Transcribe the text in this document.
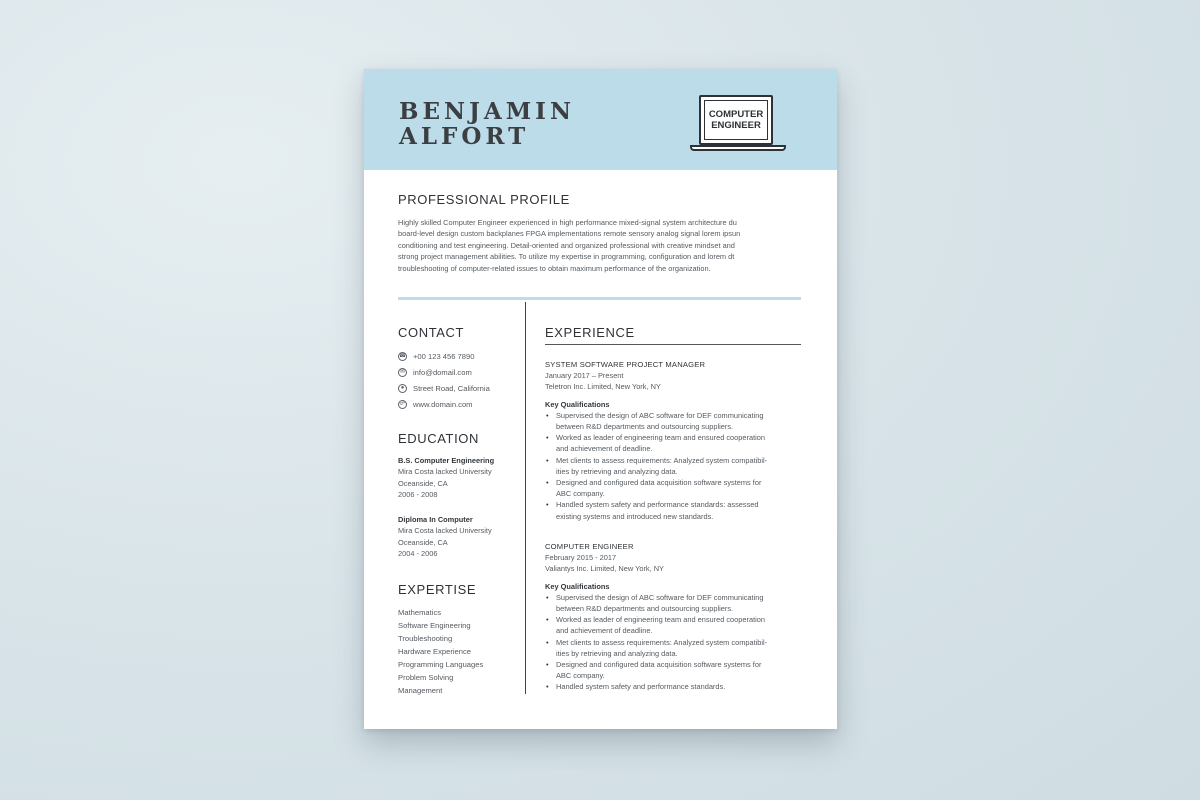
BENJAMIN
ALFORT
COMPUTER
ENGINEER
PROFESSIONAL PROFILE
Highly skilled Computer Engineer experienced in high performance mixed-signal system architecture du
board-level design custom backplanes FPGA implementations remote sensory analog signal lorem ipsun
conditioning and test engineering. Detail-oriented and organized professional with creative mindset and
strong project management abilities. To utilize my expertise in programming, configuration and lorem dt
troubleshooting of computer-related issues to obtain maximum performance of the organization.
CONTACT
☎ +00 123 456 7890
✉ info@domail.com
●	Street Road, California
☍ www.domain.com
EDUCATION
B.S. Computer Engineering
Mira Costa lacked University
Oceanside, CA
2006 - 2008
Diploma In Computer
Mira Costa lacked University
Oceanside, CA
2004 - 2006
EXPERTISE
Mathematics
Software Engineering
Troubleshooting
Hardware Experience
Programming Languages
Problem Solving
Management
EXPERIENCE
SYSTEM SOFTWARE PROJECT MANAGER
January 2017 – Present
Teletron Inc. Limited, New York, NY
Key Qualifications
• Supervised the design of ABC software for DEF communicating
between R&D departments and outsourcing suppliers.
• Worked as leader of engineering team and ensured cooperation
and achievement of deadline.
• Met clients to assess requirements: Analyzed system compatibil-
ities by retrieving and analyzing data.
• Designed and configured data acquisition software systems for
ABC company.
• Handled system safety and performance standards: assessed
existing systems and introduced new standards.
COMPUTER ENGINEER
February 2015 - 2017
Valiantys Inc. Limited, New York, NY
Key Qualifications
• Supervised the design of ABC software for DEF communicating
between R&D departments and outsourcing suppliers.
• Worked as leader of engineering team and ensured cooperation
and achievement of deadline.
• Met clients to assess requirements: Analyzed system compatibil-
ities by retrieving and analyzing data.
• Designed and configured data acquisition software systems for
ABC company.
• Handled system safety and performance standards.
